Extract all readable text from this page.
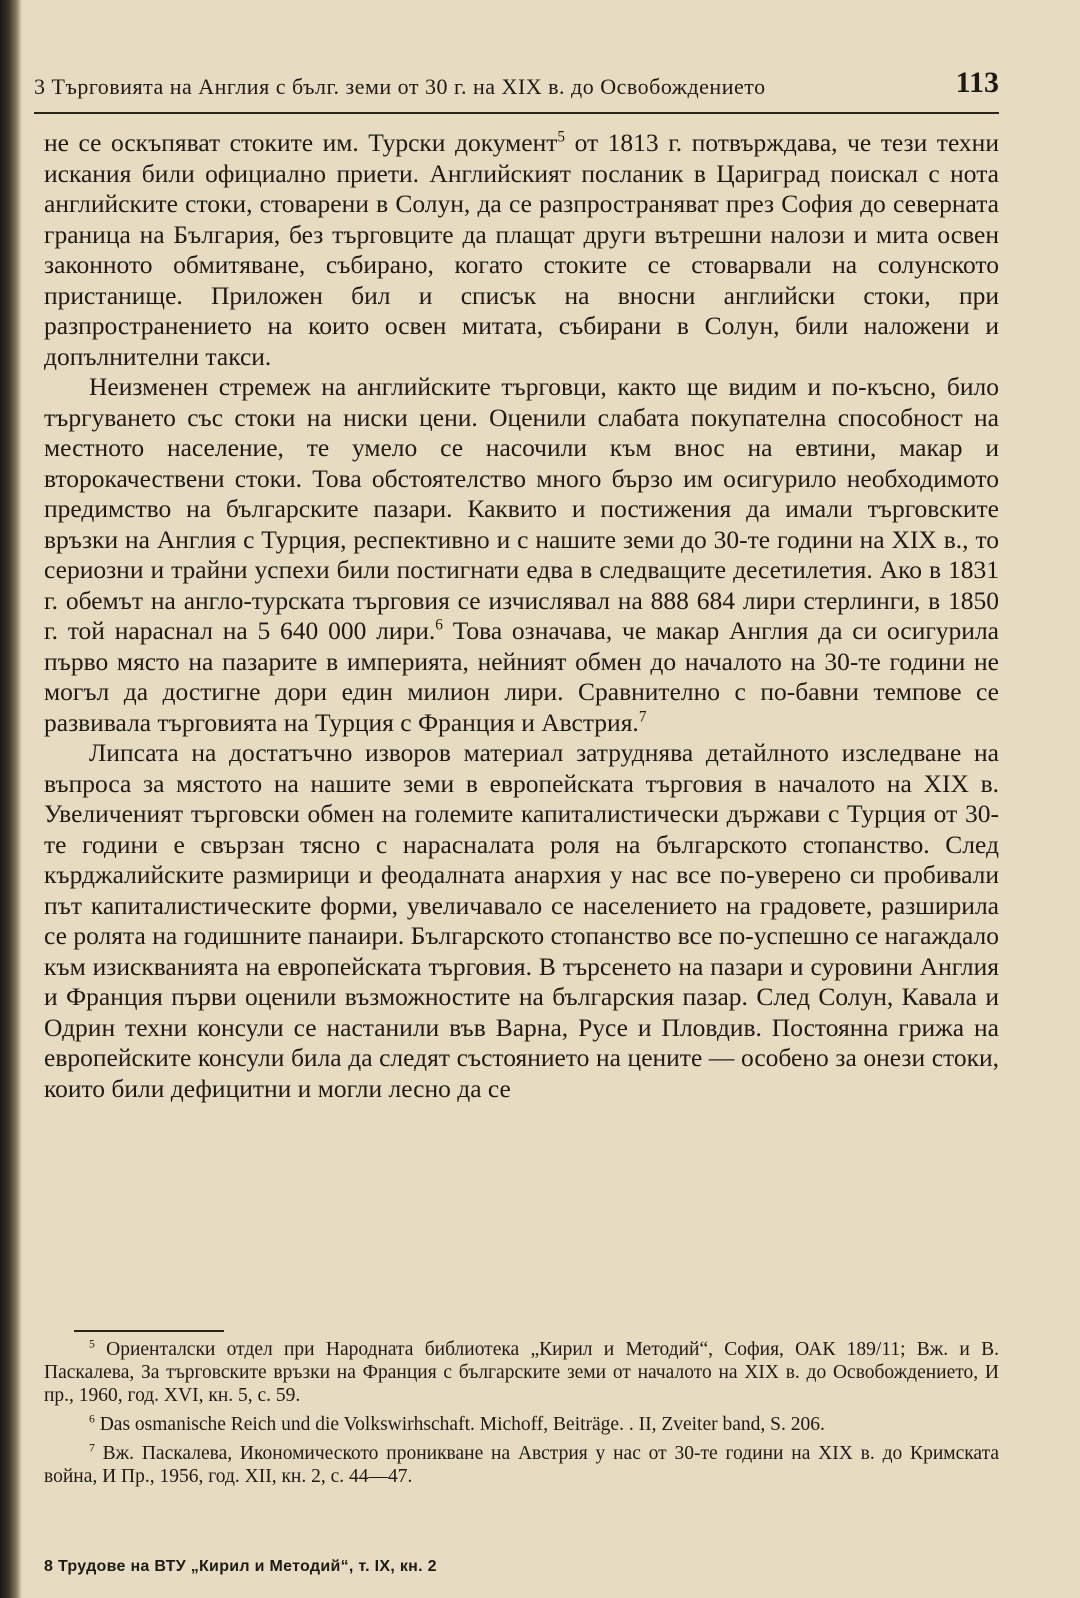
3 Търговията на Англия с бълг. земи от 30 г. на XIX в. до Освобождението	113

не се оскъпяват стоките им. Турски документ$^5$ от 1813 г. потвърждава, че тези техни искания били официално приети. Английският посланик в Цариград поискал с нота английските стоки, стоварени в Солун, да се разпространяват през София до северната граница на България, без търговците да плащат други вътрешни налози и мита освен законното обмитяване, събирано, когато стоките се стоварвали на солунското пристанище. Приложен бил и списък на вносни английски стоки, при разпространението на които освен митата, събирани в Солун, били наложени и допълнителни такси.

Неизменен стремеж на английските търговци, както ще видим и по-късно, било търгуването със стоки на ниски цени. Оценили слабата покупателна способност на местното население, те умело се насочили към внос на евтини, макар и второкачествени стоки. Това обстоятелство много бързо им осигурило необходимото предимство на българските пазари. Каквито и постижения да имали търговските връзки на Англия с Турция, респективно и с нашите земи до 30-те години на XIX в., то сериозни и трайни успехи били постигнати едва в следващите десетилетия. Ако в 1831 г. обемът на англо-турската търговия се изчислявал на 888 684 лири стерлинги, в 1850 г. той нараснал на 5 640 000 лири.$^6$ Това означава, че макар Англия да си осигурила първо място на пазарите в империята, нейният обмен до началото на 30-те години не могъл да достигне дори един милион лири. Сравнително с по-бавни темпове се развивала търговията на Турция с Франция и Австрия.$^7$

Липсата на достатъчно изворов материал затруднява детайлното изследване на въпроса за мястото на нашите земи в европейската търговия в началото на XIX в. Увеличеният търговски обмен на големите капиталистически държави с Турция от 30-те години е свързан тясно с нарасналата роля на българското стопанство. След кърджалийските размирици и феодалната анархия у нас все по-уверено си пробивали път капиталистическите форми, увеличавало се населението на градовете, разширила се ролята на годишните панаири. Българското стопанство все по-успешно се нагаждало към изискванията на европейската търговия. В търсенето на пазари и суровини Англия и Франция първи оценили възможностите на българския пазар. След Солун, Кавала и Одрин техни консули се настанили във Варна, Русе и Пловдив. Постоянна грижа на европейските консули била да следят състоянието на цените — особено за онези стоки, които били дефицитни и могли лесно да се

$^5$ Ориенталски отдел при Народната библиотека „Кирил и Методий“, София, ОАК 189/11; Вж. и В. Паскалева, За търговските връзки на Франция с българските земи от началото на XIX в. до Освобождението, И пр., 1960, год. XVI, кн. 5, с. 59.

$^6$ Das osmanische Reich und die Volkswirhschaft. Michoff, Beiträge. . II, Zveiter band, S. 206.

$^7$ Вж. Паскалева, Икономическото проникване на Австрия у нас от 30-те години на XIX в. до Кримската война, И Пр., 1956, год. XII, кн. 2, с. 44—47.

8 Трудове на ВТУ „Кирил и Методий“, т. IX, кн. 2
